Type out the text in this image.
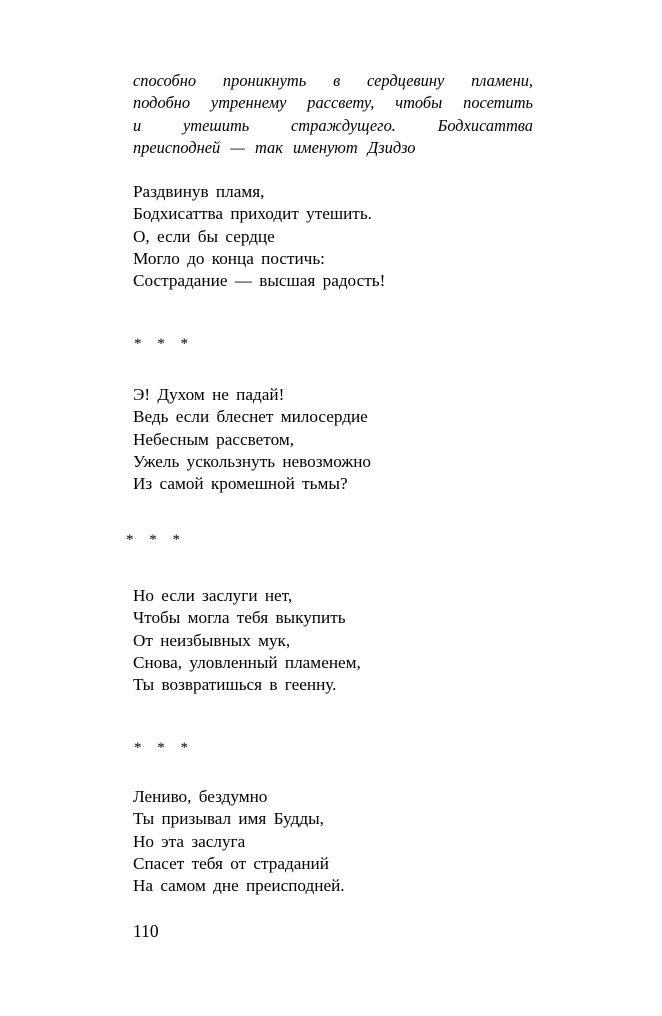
способно проникнуть в сердцевину пламени,
подобно утреннему рассвету, чтобы посетить
и утешить страждущего. Бодхисаттва
преисподней — так именуют Дзидзо
Раздвинув пламя,
Бодхисаттва приходит утешить.
О, если бы сердце
Могло до конца постичь:
Сострадание — высшая радость!
* * *
Э! Духом не падай!
Ведь если блеснет милосердие
Небесным рассветом,
Ужель ускользнуть невозможно
Из самой кромешной тьмы?
* * *
Но если заслуги нет,
Чтобы могла тебя выкупить
От неизбывных мук,
Снова, уловленный пламенем,
Ты возвратишься в геенну.
* * *
Лениво, бездумно
Ты призывал имя Будды,
Но эта заслуга
Спасет тебя от страданий
На самом дне преисподней.
110
